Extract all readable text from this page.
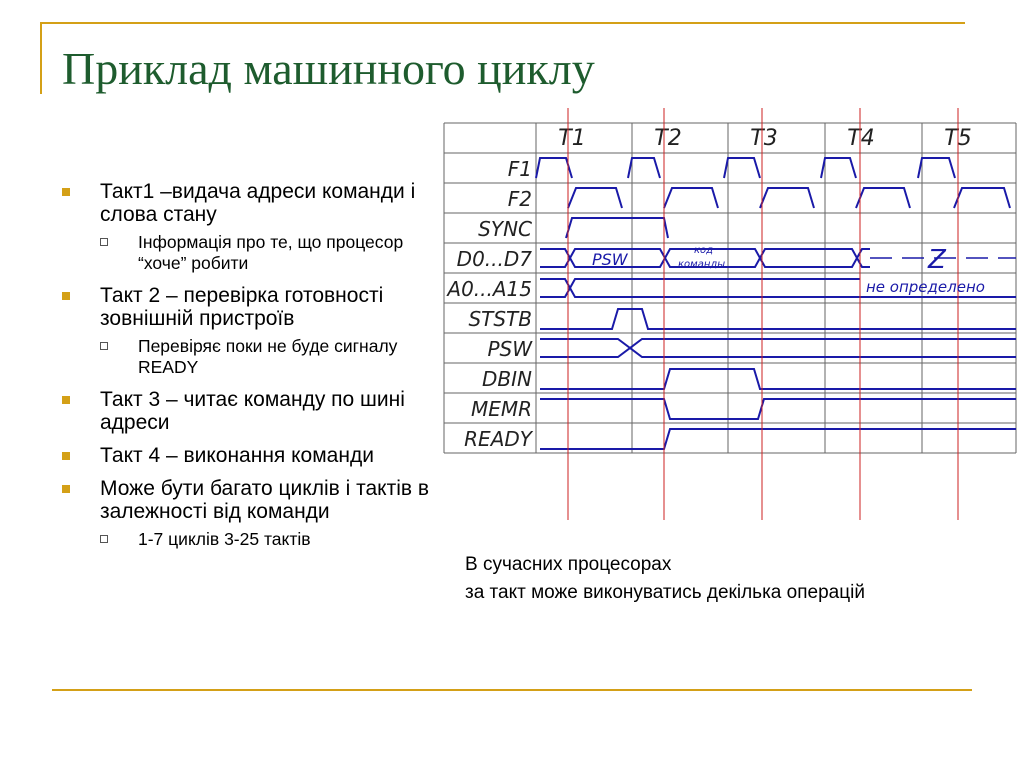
Приклад машинного циклу
Такт1 –видача адреси команди і слова стану
Інформація про те, що процесор “хоче” робити
Такт 2 – перевірка готовності зовнішній пристроїв
Перевіряє поки не буде сигналу READY
Такт 3 – читає команду по шині адреси
Такт 4 – виконання команди
Може бути багато циклів і тактів в залежності від команди
1-7 циклів 3-25 тактів
В сучасних процесорах
за такт може виконуватись декілька операцій
T1	T2	T3	T4	T5
F1
F2
SYNC
D0...D7
A0...A15
STSTB
PSW
DBIN
MEMR
READY
PSW	код
команды	Z
не определено
